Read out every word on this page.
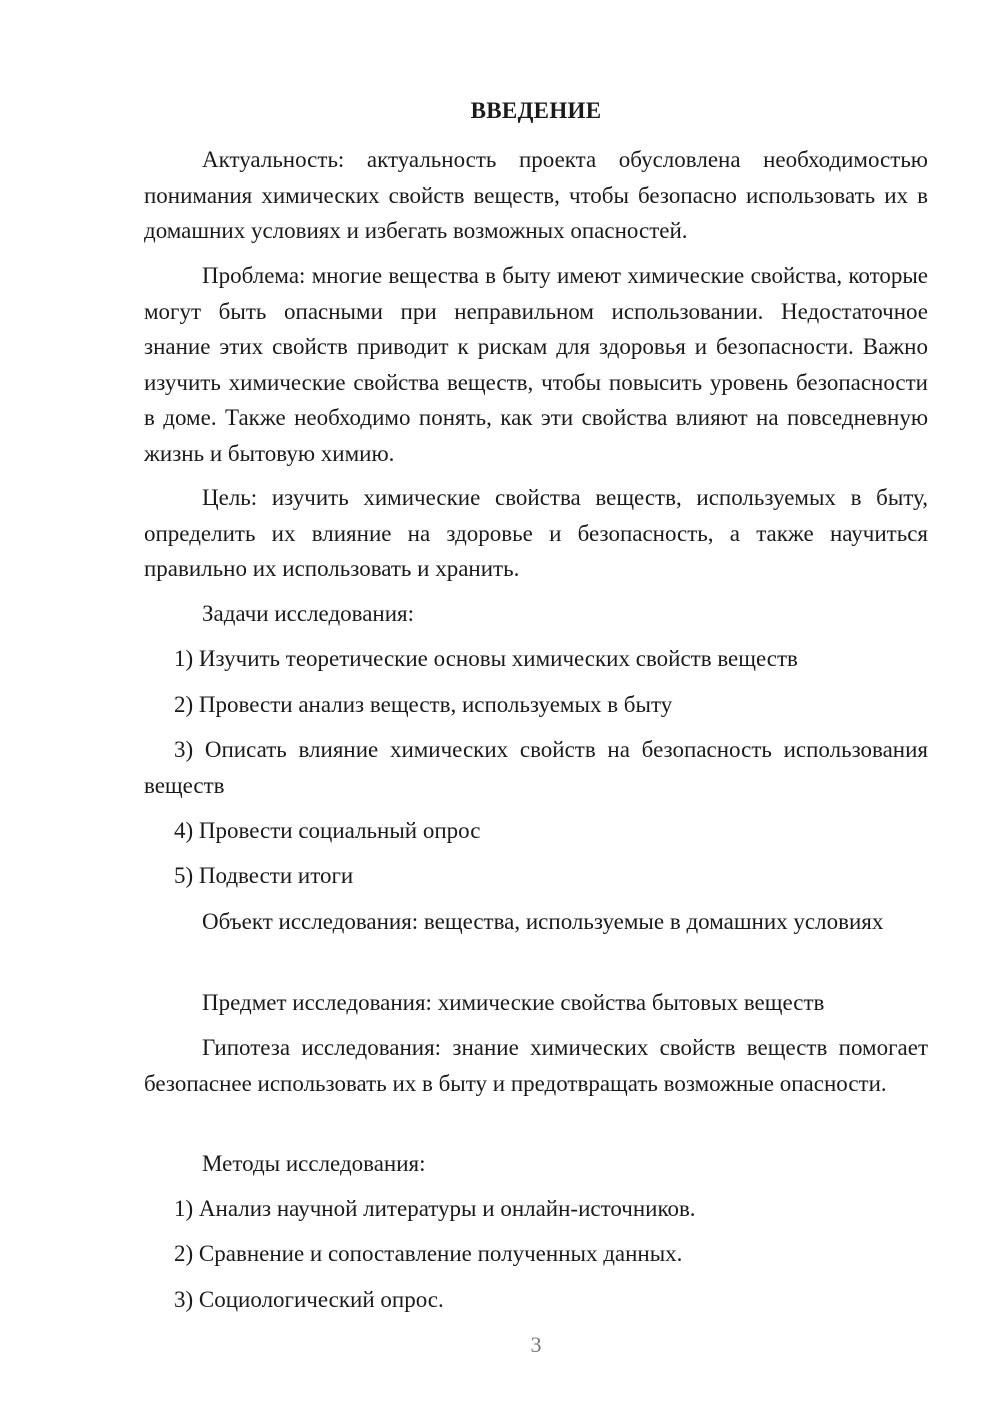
ВВЕДЕНИЕ

Актуальность: актуальность проекта обусловлена необходимостью понимания химических свойств веществ, чтобы безопасно использовать их в домашних условиях и избегать возможных опасностей.

Проблема: многие вещества в быту имеют химические свойства, которые могут быть опасными при неправильном использовании. Недостаточное знание этих свойств приводит к рискам для здоровья и безопасности. Важно изучить химические свойства веществ, чтобы повысить уровень безопасности в доме. Также необходимо понять, как эти свойства влияют на повседневную жизнь и бытовую химию.

Цель: изучить химические свойства веществ, используемых в быту, определить их влияние на здоровье и безопасность, а также научиться правильно их использовать и хранить.

Задачи исследования:

1) Изучить теоретические основы химических свойств веществ

2) Провести анализ веществ, используемых в быту

3) Описать влияние химических свойств на безопасность использования веществ

4) Провести социальный опрос

5) Подвести итоги

Объект исследования: вещества, используемые в домашних условиях

Предмет исследования: химические свойства бытовых веществ

Гипотеза исследования: знание химических свойств веществ помогает безопаснее использовать их в быту и предотвращать возможные опасности.

Методы исследования:

1) Анализ научной литературы и онлайн-источников.

2) Сравнение и сопоставление полученных данных.

3) Социологический опрос.

3
